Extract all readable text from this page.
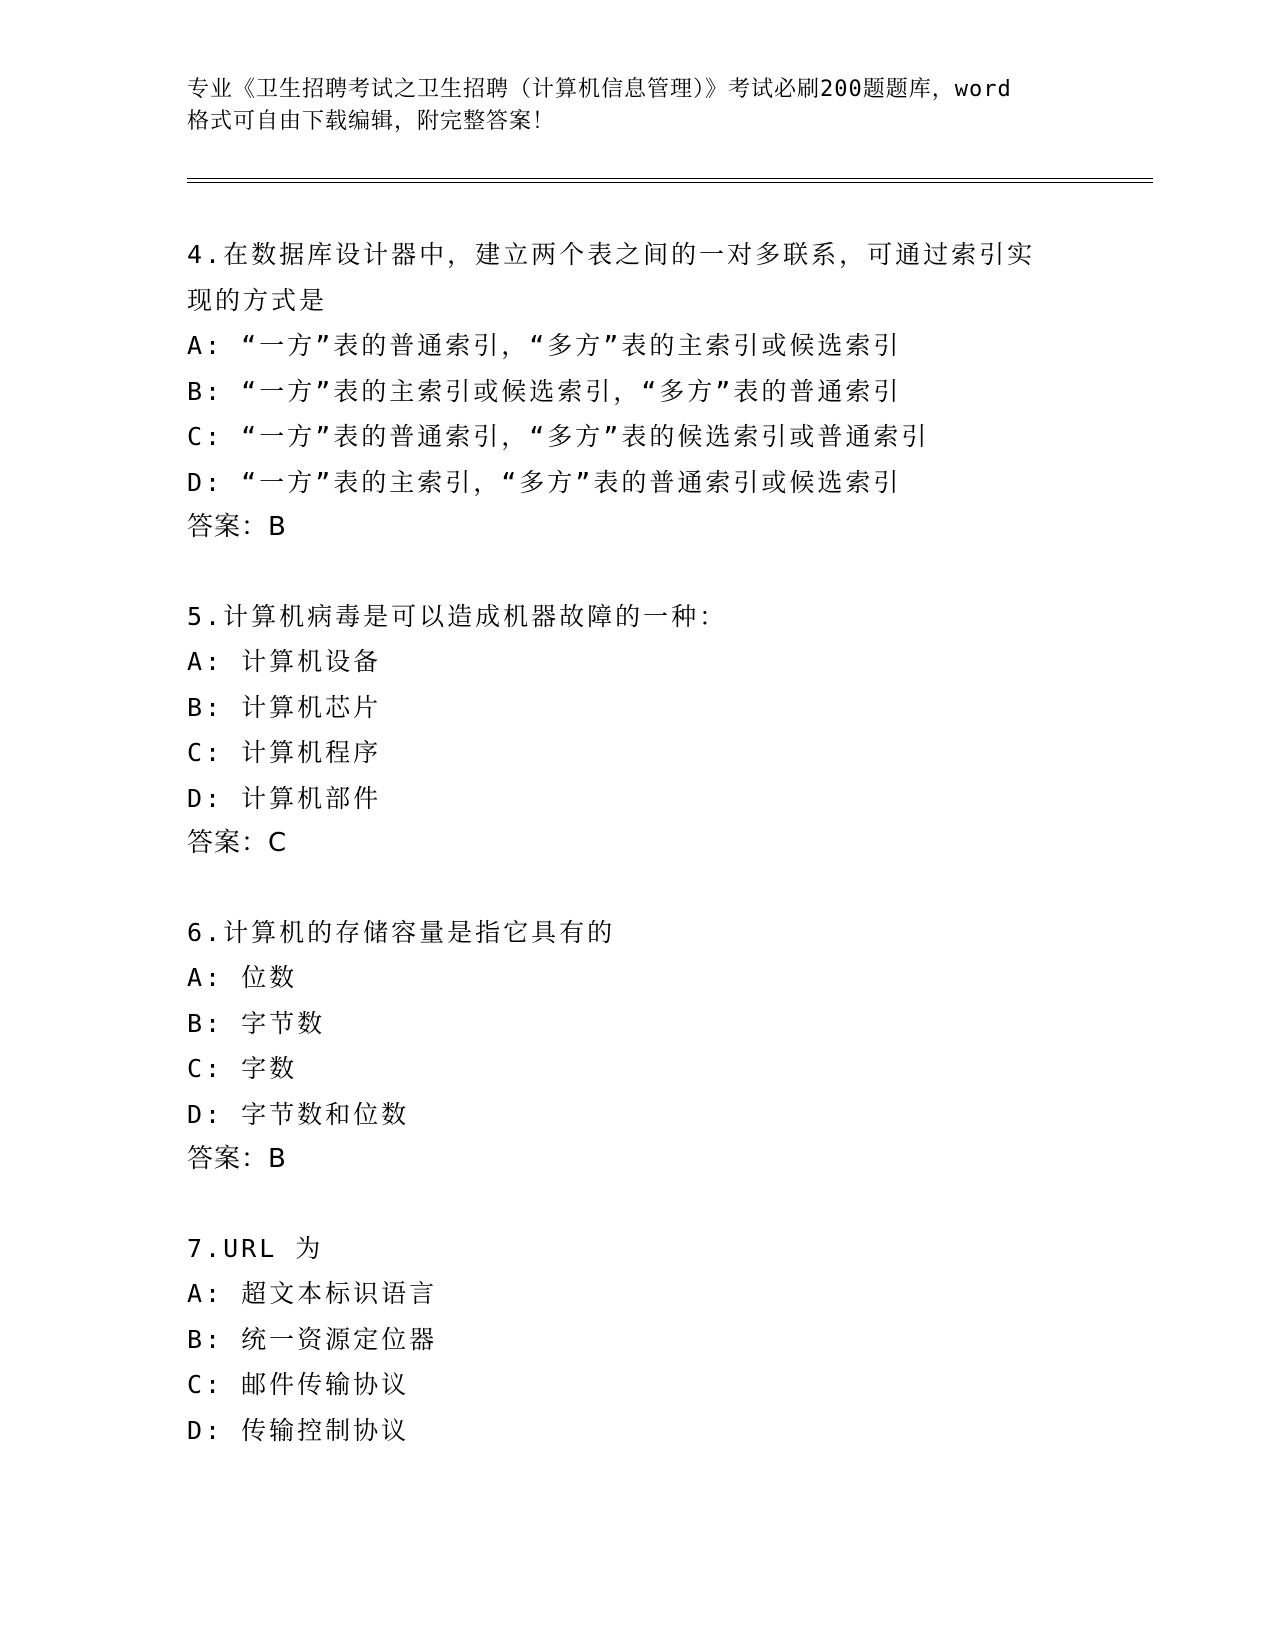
专业《卫生招聘考试之卫生招聘（计算机信息管理）》考试必刷200题题库，word
格式可自由下载编辑，附完整答案！
4.在数据库设计器中，建立两个表之间的一对多联系，可通过索引实
现的方式是
A: “一方”表的普通索引，“多方”表的主索引或候选索引
B: “一方”表的主索引或候选索引，“多方”表的普通索引
C: “一方”表的普通索引，“多方”表的候选索引或普通索引
D: “一方”表的主索引，“多方”表的普通索引或候选索引
答案：B
5.计算机病毒是可以造成机器故障的一种：
A: 计算机设备
B: 计算机芯片
C: 计算机程序
D: 计算机部件
答案：C
6.计算机的存储容量是指它具有的
A: 位数
B: 字节数
C: 字数
D: 字节数和位数
答案：B
7.URL 为
A: 超文本标识语言
B: 统一资源定位器
C: 邮件传输协议
D: 传输控制协议
